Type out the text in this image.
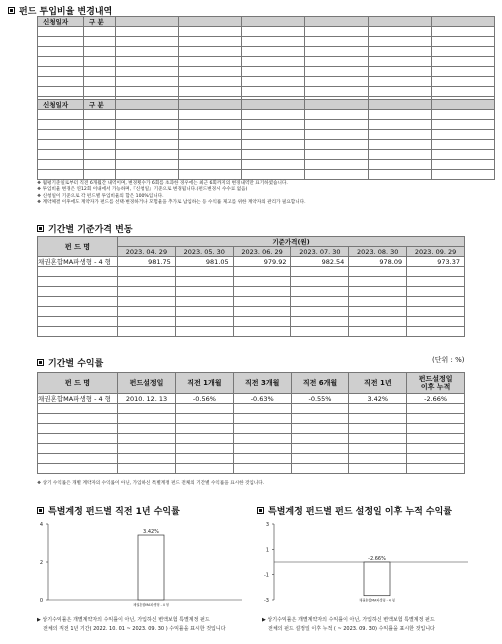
펀드 투입비율 변경내역
신청일자	구 분						

신청일자	구 분						

❖ 월평기준일로부터 직전 6개월간 내역이며, 변경횟수가 6회를 초과한 경우에는 최근 6회까지의 변경내역만 표기하였습니다.
❖ 투입비율 변경은 연12회 이내에서 가능하며,『신청일』기준으로 변경됩니다.(펀드변경시 수수료 없음)
❖ 신청일이 기준으로 각 펀드별 투입비율의 합은 100%입니다.
❖ 계약체결 이후에도 계약자가 펀드를 선택·변경하거나 모험율을 추가로 납입하는 등 수익률 제고를 위한 계약자의 관리가 필요합니다.
기간별 기준가격 변동
펀 드 명	기준가격(원)					
	2023. 04. 29	2023. 05. 30	2023. 06. 29	2023. 07. 30	2023. 08. 30	2023. 09. 29
채권혼합MA파생형 - 4 형	981.75	981.05	979.92	982.54	978.09	973.37

기간별 수익률	(단위 : %)
펀 드 명	펀드설정일	직전 1개월	직전 3개월	직전 6개월	직전 1년	펀드설정일
이후 누적

채권혼합MA파생형 - 4 형	2010. 12. 13	-0.56%	-0.63%	-0.55%	3.42%	-2.66%

❖ 상기 수익률은 개별 계약자의 수익률이 아닌, 가입하신 특별계정 펀드 전체의 기간별 수익률을 표시한 것입니다.
특별계정 펀드별 직전 1년 수익률	특별계정 펀드별 펀드 설정일 이후 누적 수익률
4
2
0
3.42%
채권혼합MA파생형 - 4 형
3
1
-1
-3
-2.66%
채권혼합MA파생형 - 4 형
▶ 상기수익률은 개별계약자의 수익률이 아닌, 가입하신 변액보험 특별계정 펀드
전체의 직전 1년 기간( 2022. 10. 01 ~ 2023. 09. 30 ) 수익률을 표시한 것입니다
▶ 상기수익률은 개별계약자의 수익률이 아닌, 가입하신 변액보험 특별계정 펀드
전체의 펀드 설정일 이후 누적 ( ~ 2023. 09. 30) 수익률을 표시한 것입니다
